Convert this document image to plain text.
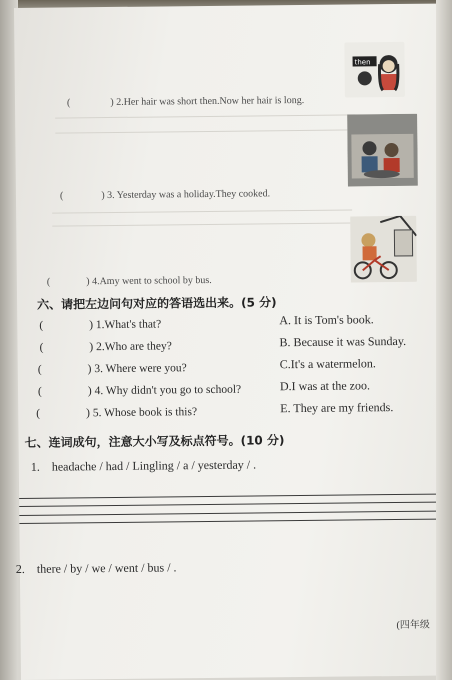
then
(	) 2.Her hair was short then.Now her hair is long.
(	) 3. Yesterday was a holiday.They cooked.
(	) 4.Amy went to school by bus.
六、请把左边问句对应的答语选出来。(5 分)
(	) 1.What's that?	A. It is Tom's book.
(	) 2.Who are they?	B. Because it was Sunday.
(	) 3. Where were you?	C.It's a watermelon.
(	) 4. Why didn't you go to school?	D.I was at the zoo.
(	) 5. Whose book is this?	E. They are my friends.
七、连词成句，注意大小写及标点符号。(10 分)
1. headache / had / Lingling / a / yesterday / .
2. there / by / we / went / bus / .
(四年级
